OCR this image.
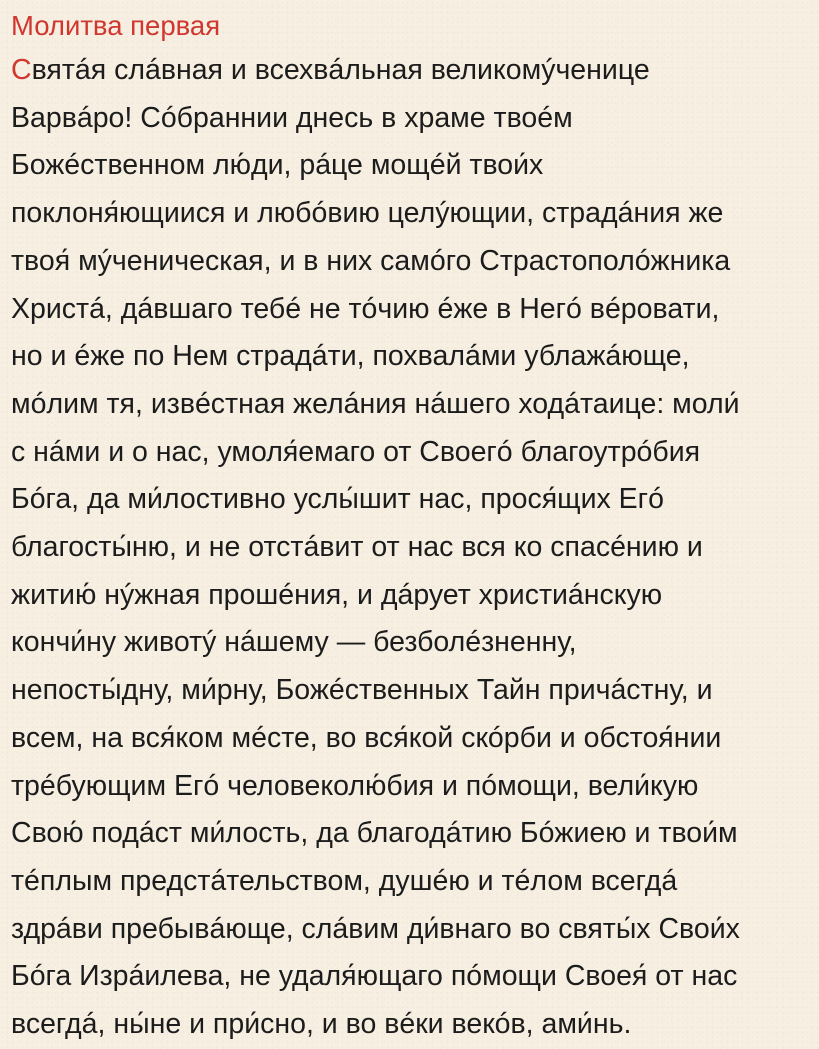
Молитва первая
Святáя слáвная и всехвáльная великомýченице
Варвáро! Сóбраннии днесь в храме твоéм
Божéственном лю́ди, рáце мощéй твои́х
поклоня́ющиися и любóвию целýющии, страдáния же
твоя́ мýченическая, и в них самóго Страстополóжника
Христá, дáвшаго тебé не тóчию éже в Негó вéровати,
но и éже по Нем страдáти, похвалáми ублажáюще,
мóлим тя, извéстная желáния нáшего ходáтаице: моли́
с нáми и о нас, умоля́емаго от Своегó благоутрóбия
Бóга, да ми́лостивно услы́шит нас, прося́щих Егó
благосты́ню, и не отстáвит от нас вся ко спасéнию и
житию́ нýжная прошéния, и дáрует христиáнскую
кончи́ну животý нáшему — безболéзненну,
непосты́дну, ми́рну, Божéственных Тайн причáстну, и
всем, на вся́ком мéсте, во вся́кой скóрби и обстоя́нии
трéбующим Егó человеколю́бия и пóмощи, вели́кую
Свою́ подáст ми́лость, да благодáтию Бóжиею и твои́м
тéплым предстáтельством, душéю и тéлом всегдá
здрáви пребывáюще, слáвим ди́внаго во святы́х Свои́х
Бóга Изрáилева, не удаля́ющаго пóмощи Своея́ от нас
всегдá, ны́не и при́сно, и во вéки векóв, ами́нь.
